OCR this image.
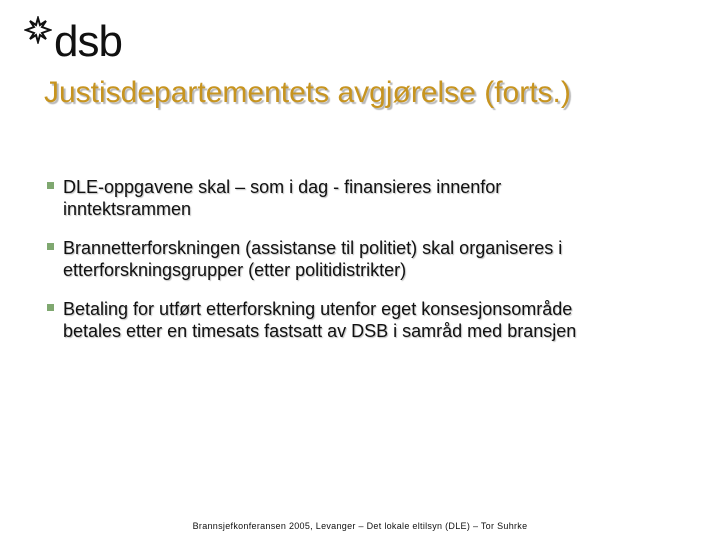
dsb
Justisdepartementets avgjørelse (forts.)
DLE-oppgavene skal – som i dag - finansieres innenfor
inntektsrammen
Brannetterforskningen (assistanse til politiet) skal organiseres i
etterforskningsgrupper (etter politidistrikter)
Betaling for utført etterforskning utenfor eget konsesjonsområde
betales etter en timesats fastsatt av DSB i samråd med bransjen
Brannsjefkonferansen 2005, Levanger – Det lokale eltilsyn (DLE) – Tor Suhrke
